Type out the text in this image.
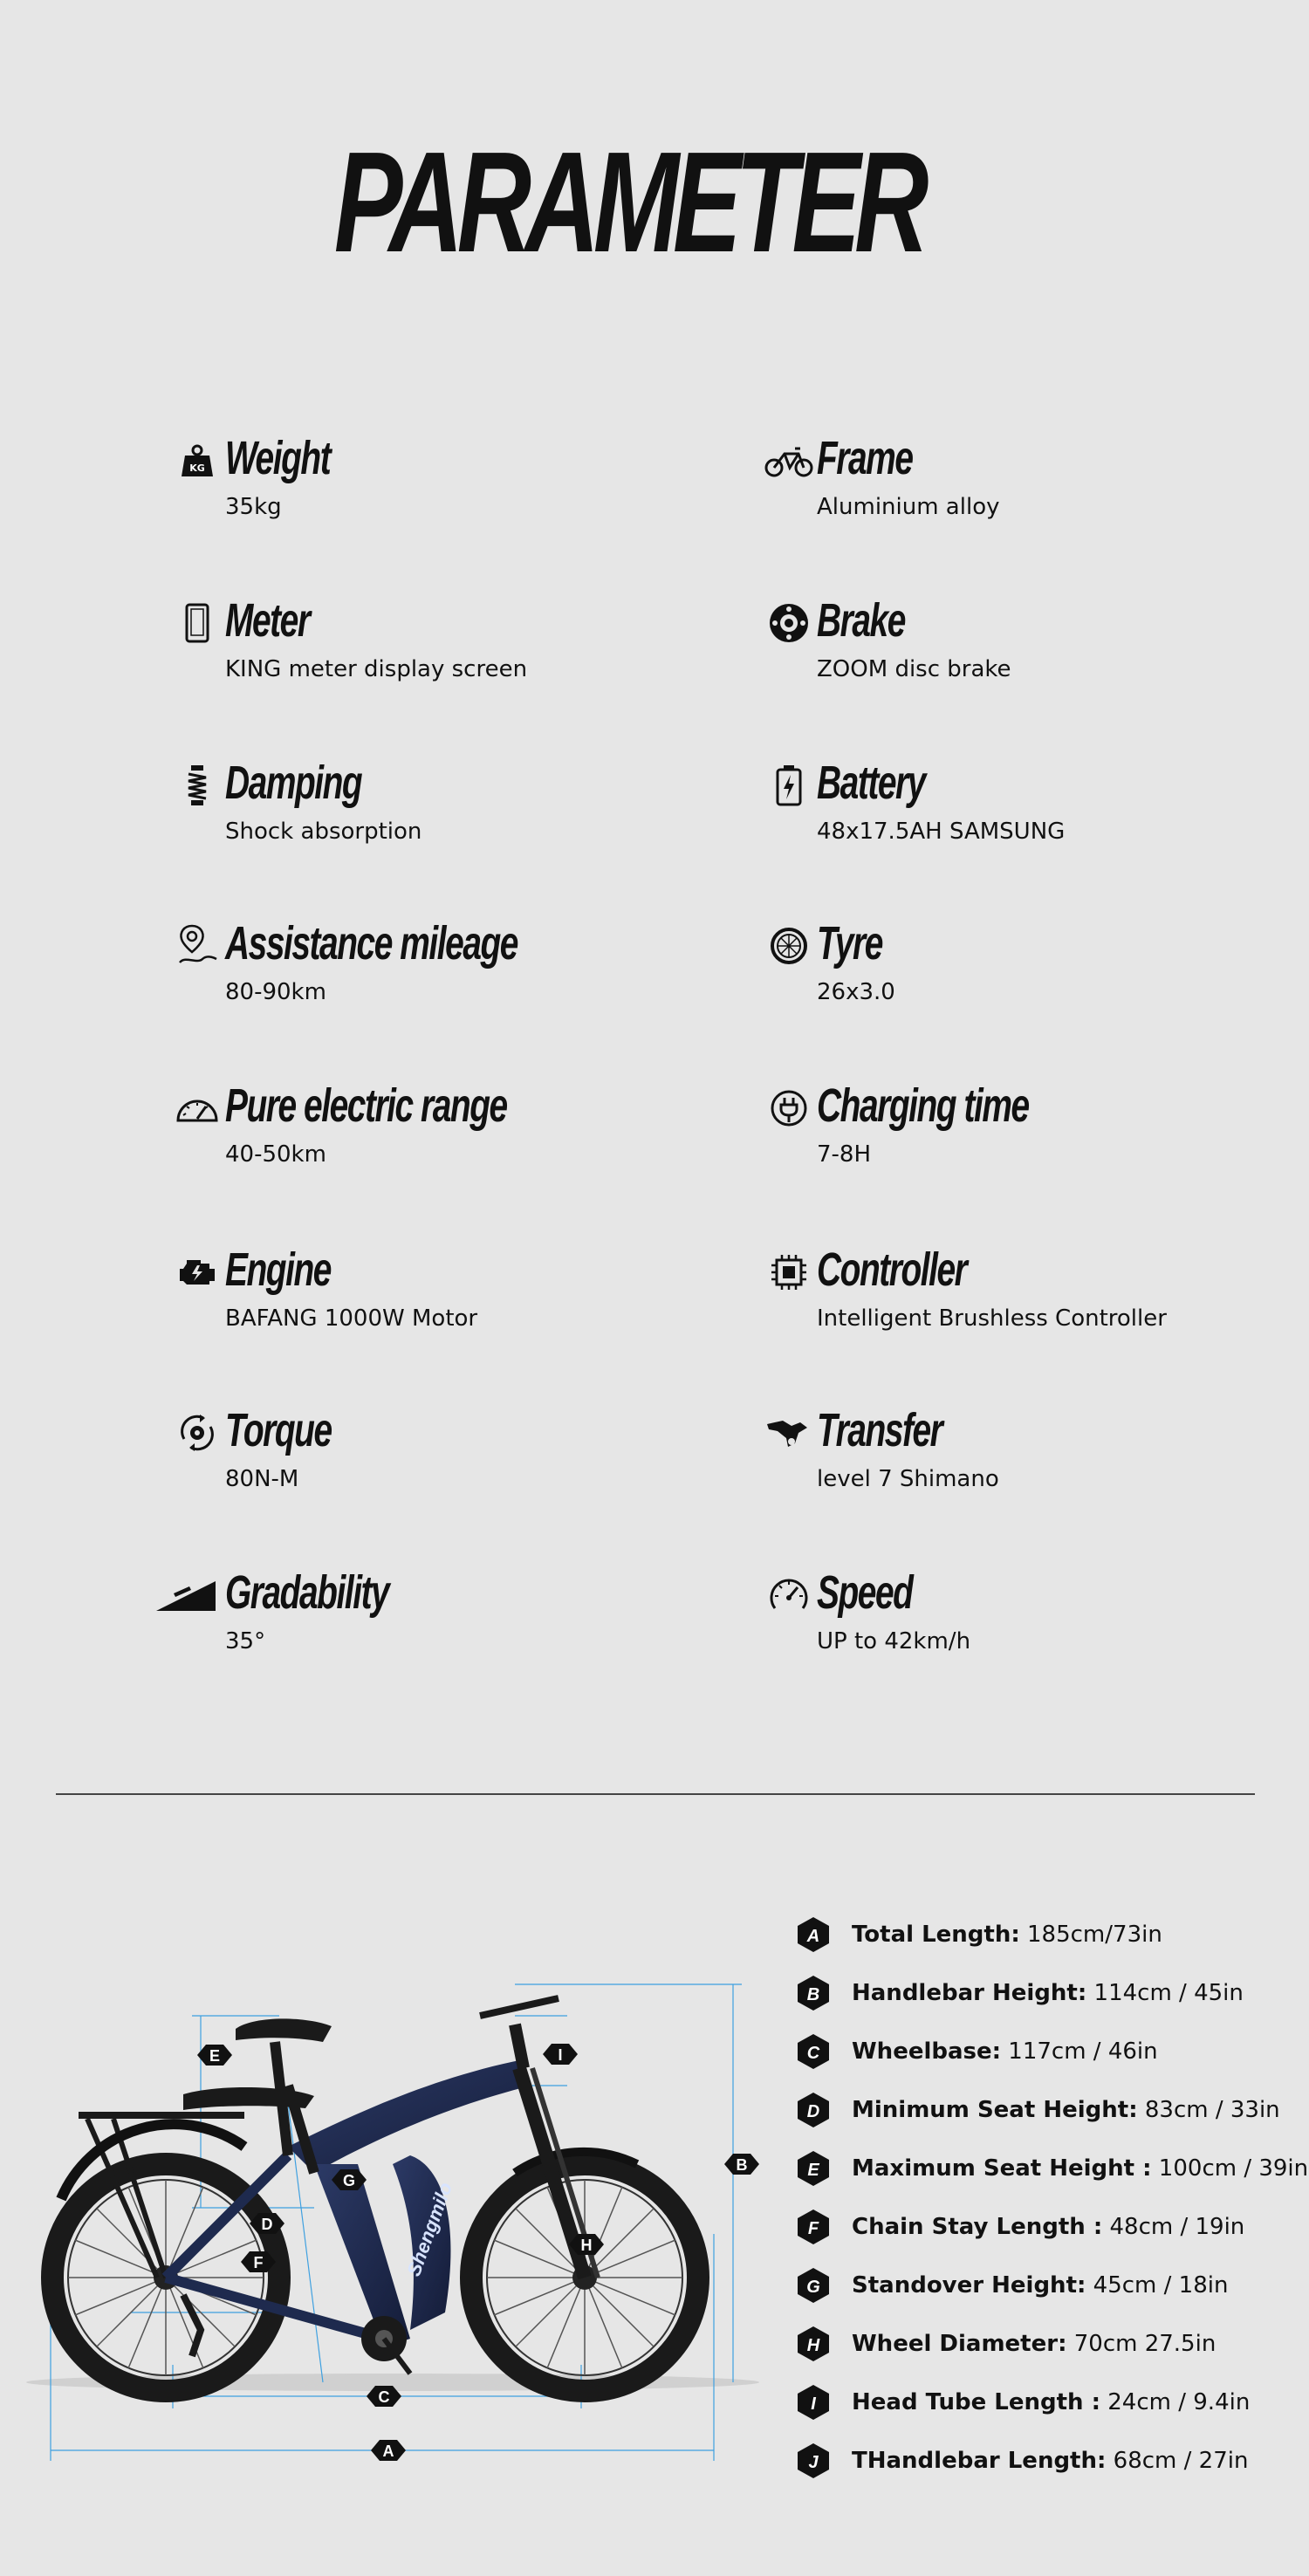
PARAMETER
KG Weight
35kg
Frame
Aluminium alloy
Meter
KING meter display screen
Brake
ZOOM disc brake
Damping
Shock absorption
Battery
48x17.5AH SAMSUNG
Assistance mileage
80-90km
Tyre
26x3.0
Pure electric range
40-50km
Charging time
7-8H
Engine
BAFANG 1000W Motor
Controller
Intelligent Brushless Controller
Torque
80N-M
Transfer
level 7 Shimano
Gradability
35°
Speed
UP to 42km/h
Shengmilo
A
B
C
D
E
F
G
H
I
A Total Length: 185cm/73in
B Handlebar Height: 114cm / 45in
C Wheelbase: 117cm / 46in
D Minimum Seat Height: 83cm / 33in
E Maximum Seat Height : 100cm / 39in
F Chain Stay Length : 48cm / 19in
G Standover Height: 45cm / 18in
H Wheel Diameter: 70cm 27.5in
I Head Tube Length : 24cm / 9.4in
J THandlebar Length: 68cm / 27in
